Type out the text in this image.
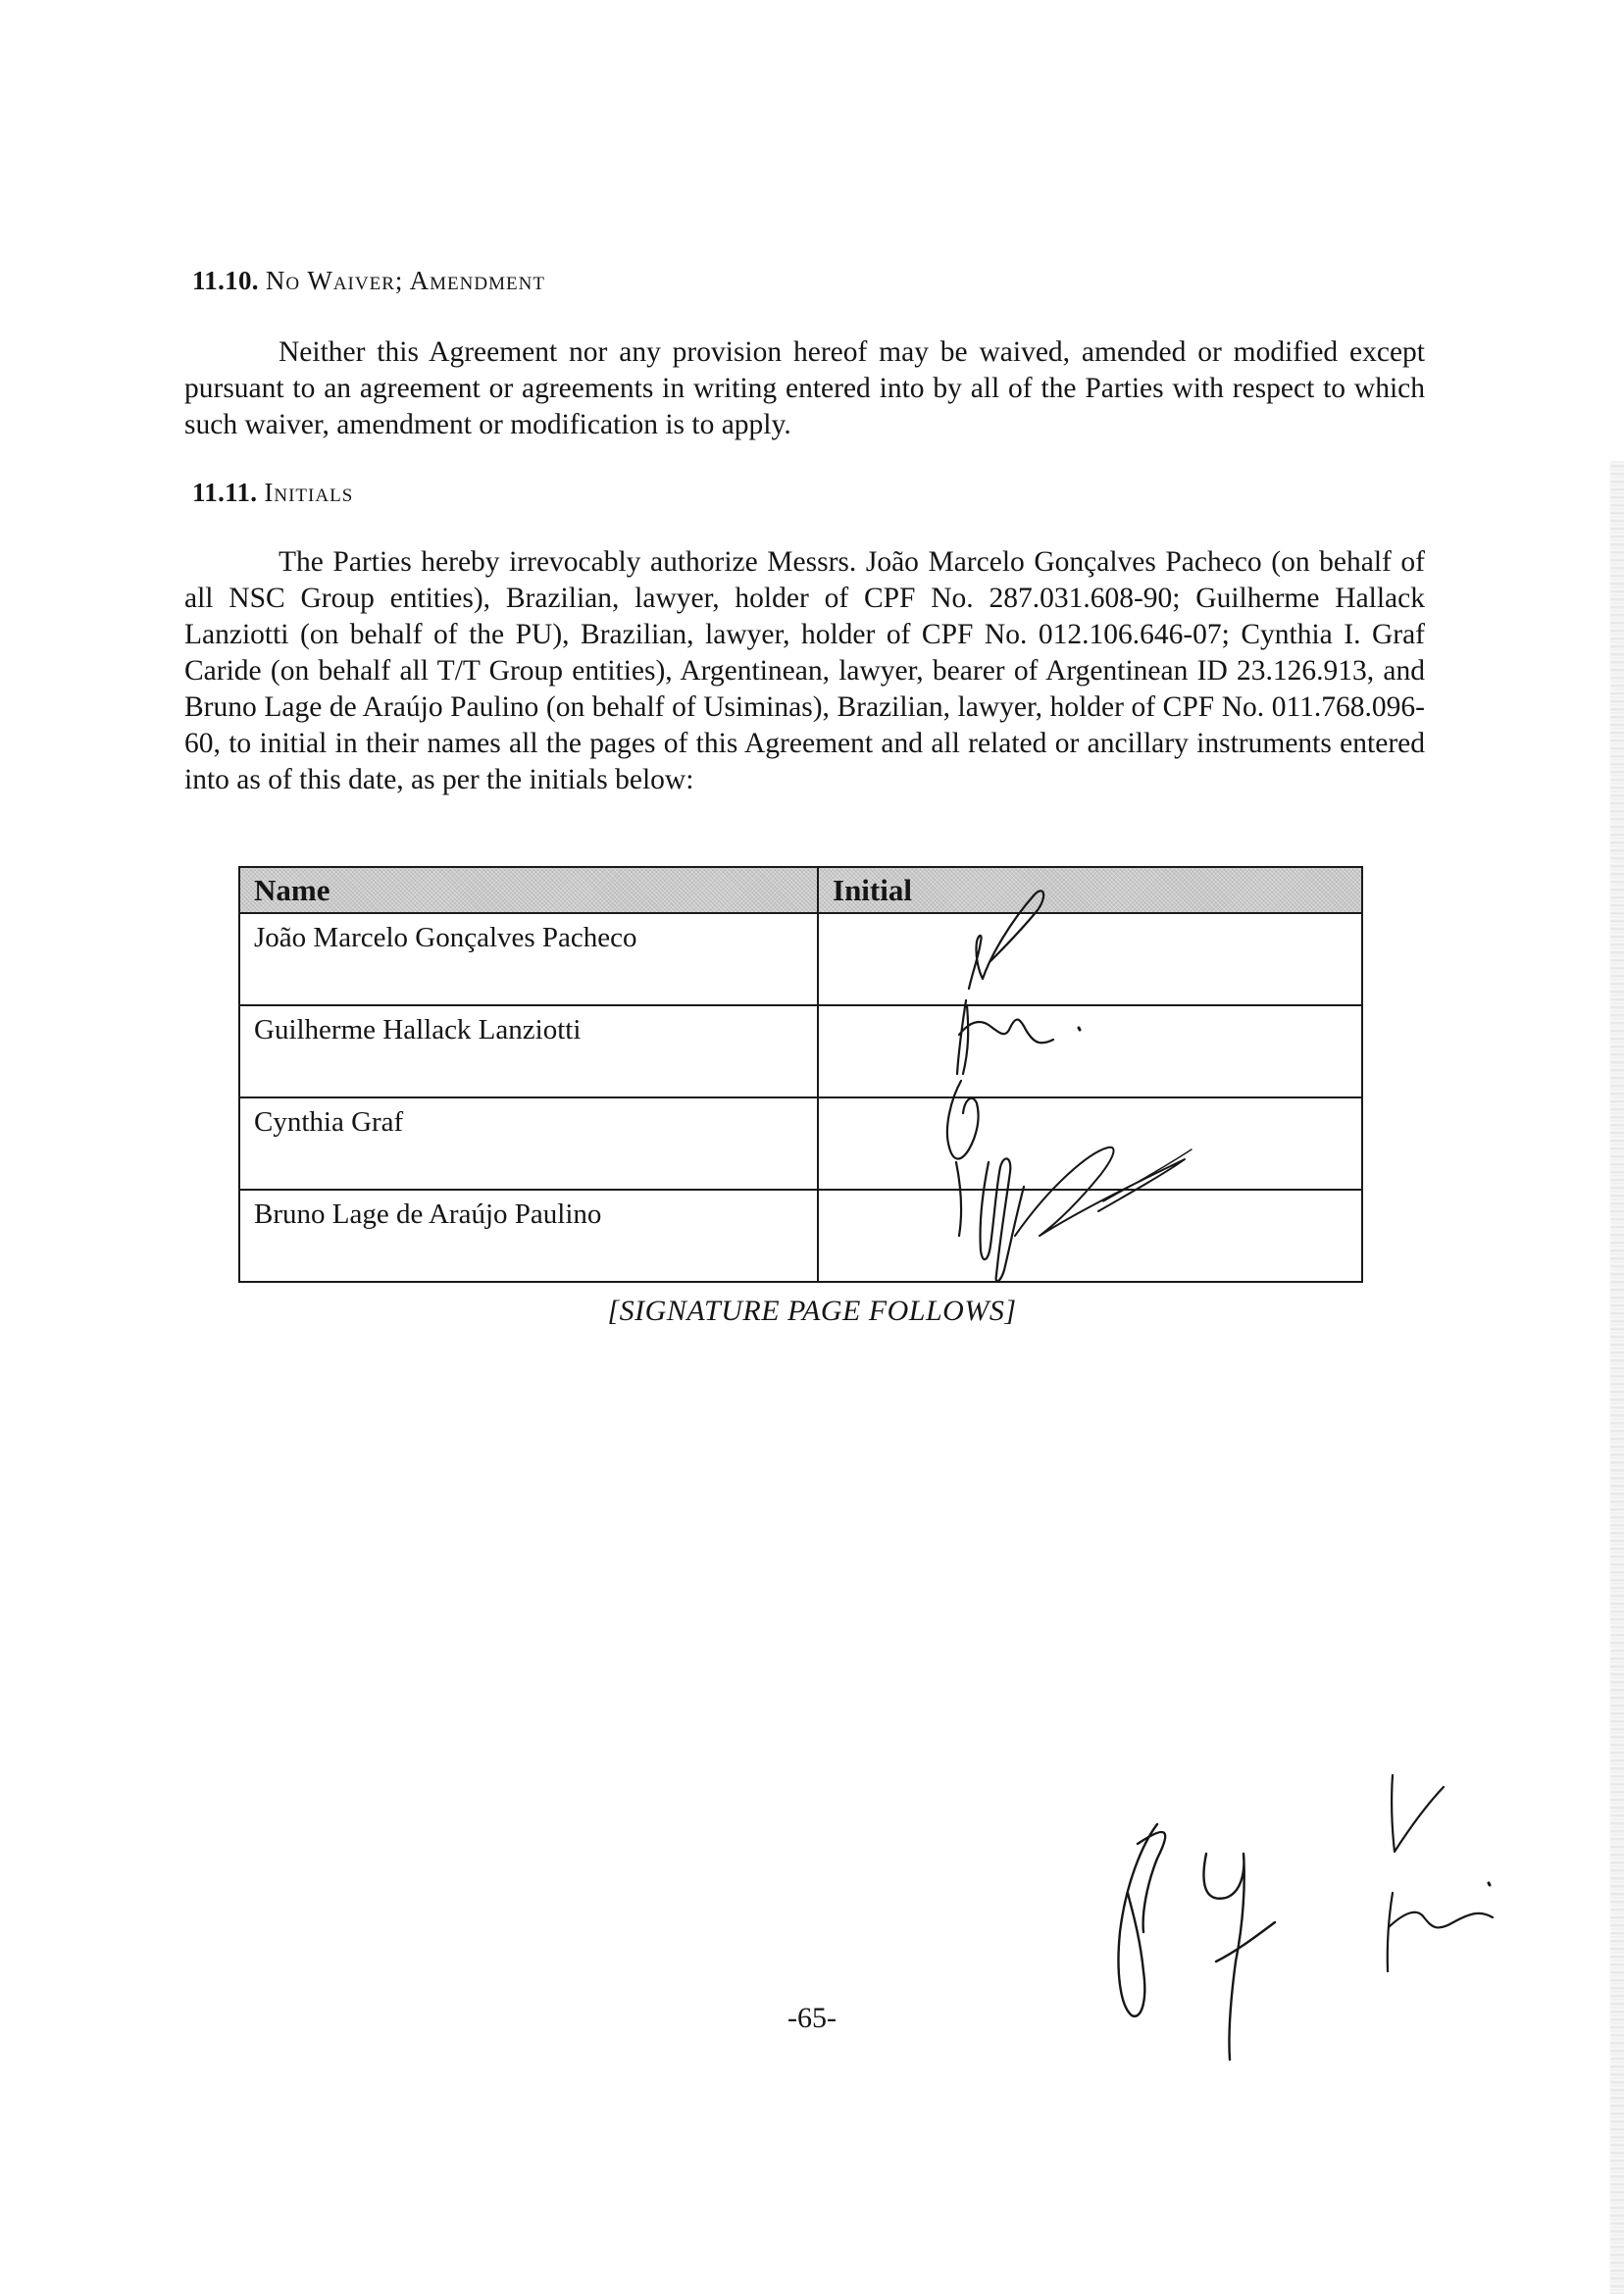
11.10. No Waiver; Amendment

Neither this Agreement nor any provision hereof may be waived, amended or modified except pursuant to an agreement or agreements in writing entered into by all of the Parties with respect to which such waiver, amendment or modification is to apply.

11.11. Initials

The Parties hereby irrevocably authorize Messrs. João Marcelo Gonçalves Pacheco (on behalf of all NSC Group entities), Brazilian, lawyer, holder of CPF No. 287.031.608-90; Guilherme Hallack Lanziotti (on behalf of the PU), Brazilian, lawyer, holder of CPF No. 012.106.646-07; Cynthia I. Graf Caride (on behalf all T/T Group entities), Argentinean, lawyer, bearer of Argentinean ID 23.126.913, and Bruno Lage de Araújo Paulino (on behalf of Usiminas), Brazilian, lawyer, holder of CPF No. 011.768.096-60, to initial in their names all the pages of this Agreement and all related or ancillary instruments entered into as of this date, as per the initials below:

Name	Initial
João Marcelo Gonçalves Pacheco	
Guilherme Hallack Lanziotti	
Cynthia Graf	
Bruno Lage de Araújo Paulino	
[SIGNATURE PAGE FOLLOWS]
-65-
